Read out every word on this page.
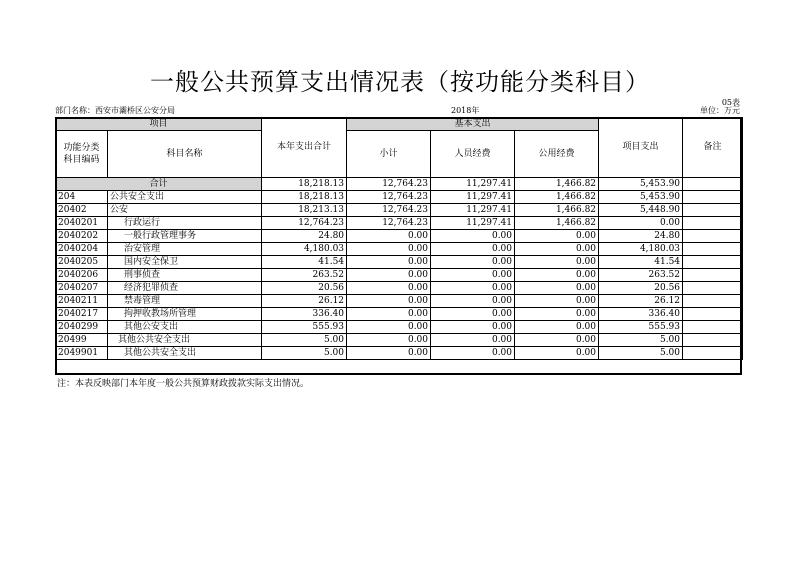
一般公共预算支出情况表（按功能分类科目）
05表
部门名称：西安市灞桥区公安分局	2018年	单位：万元
项目		本年支出合计	基本支出			项目支出	备注
功能分类
科目编码	科目名称		小计	人员经费	公用经费		

合计		18,218.13	12,764.23	11,297.41	1,466.82	5,453.90	
204	公共安全支出	18,218.13	12,764.23	11,297.41	1,466.82	5,453.90	
20402	公安	18,213.13	12,764.23	11,297.41	1,466.82	5,448.90	
2040201	行政运行	12,764.23	12,764.23	11,297.41	1,466.82	0.00	
2040202	一般行政管理事务	24.80	0.00	0.00	0.00	24.80	
2040204	治安管理	4,180.03	0.00	0.00	0.00	4,180.03	
2040205	国内安全保卫	41.54	0.00	0.00	0.00	41.54	
2040206	刑事侦查	263.52	0.00	0.00	0.00	263.52	
2040207	经济犯罪侦查	20.56	0.00	0.00	0.00	20.56	
2040211	禁毒管理	26.12	0.00	0.00	0.00	26.12	
2040217	拘押收教场所管理	336.40	0.00	0.00	0.00	336.40	
2040299	其他公安支出	555.93	0.00	0.00	0.00	555.93	
20499	其他公共安全支出	5.00	0.00	0.00	0.00	5.00	
2049901	其他公共安全支出	5.00	0.00	0.00	0.00	5.00	
注：本表反映部门本年度一般公共预算财政拨款实际支出情况。
